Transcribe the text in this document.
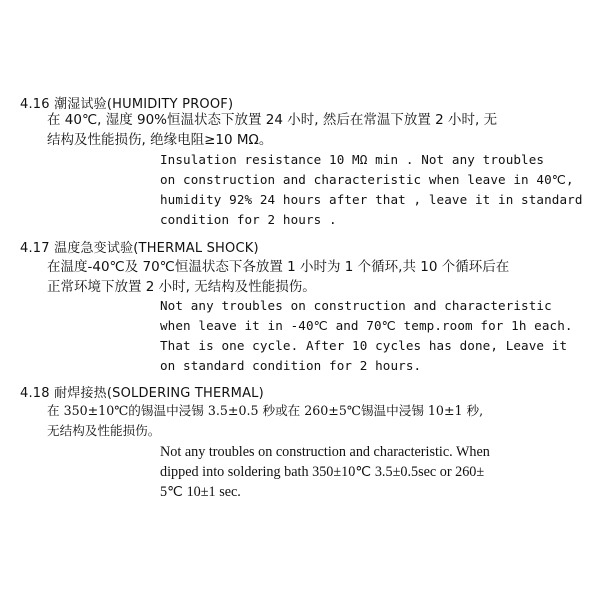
4.16 潮湿试验(HUMIDITY PROOF)
在 40℃, 湿度 90%恒温状态下放置 24 小时, 然后在常温下放置 2 小时, 无
结构及性能损伤, 绝缘电阻≥10 MΩ。
Insulation resistance 10 MΩ min . Not any troubles
on construction and characteristic when leave in 40℃,
humidity 92% 24 hours after that , leave it in standard
condition for 2 hours .
4.17 温度急变试验(THERMAL SHOCK)
在温度-40℃及 70℃恒温状态下各放置 1 小时为 1 个循环,共 10 个循环后在
正常环境下放置 2 小时, 无结构及性能损伤。
Not any troubles on construction and characteristic
when leave it in -40℃ and 70℃ temp.room for 1h each.
That is one cycle. After 10 cycles has done, Leave it
on standard condition for 2 hours.
4.18 耐焊接热(SOLDERING THERMAL)
在 350±10℃的锡温中浸锡 3.5±0.5 秒或在 260±5℃锡温中浸锡 10±1 秒,
无结构及性能损伤。
Not any troubles on construction and characteristic. When
dipped into soldering bath 350±10℃ 3.5±0.5sec or 260±
5℃ 10±1 sec.
